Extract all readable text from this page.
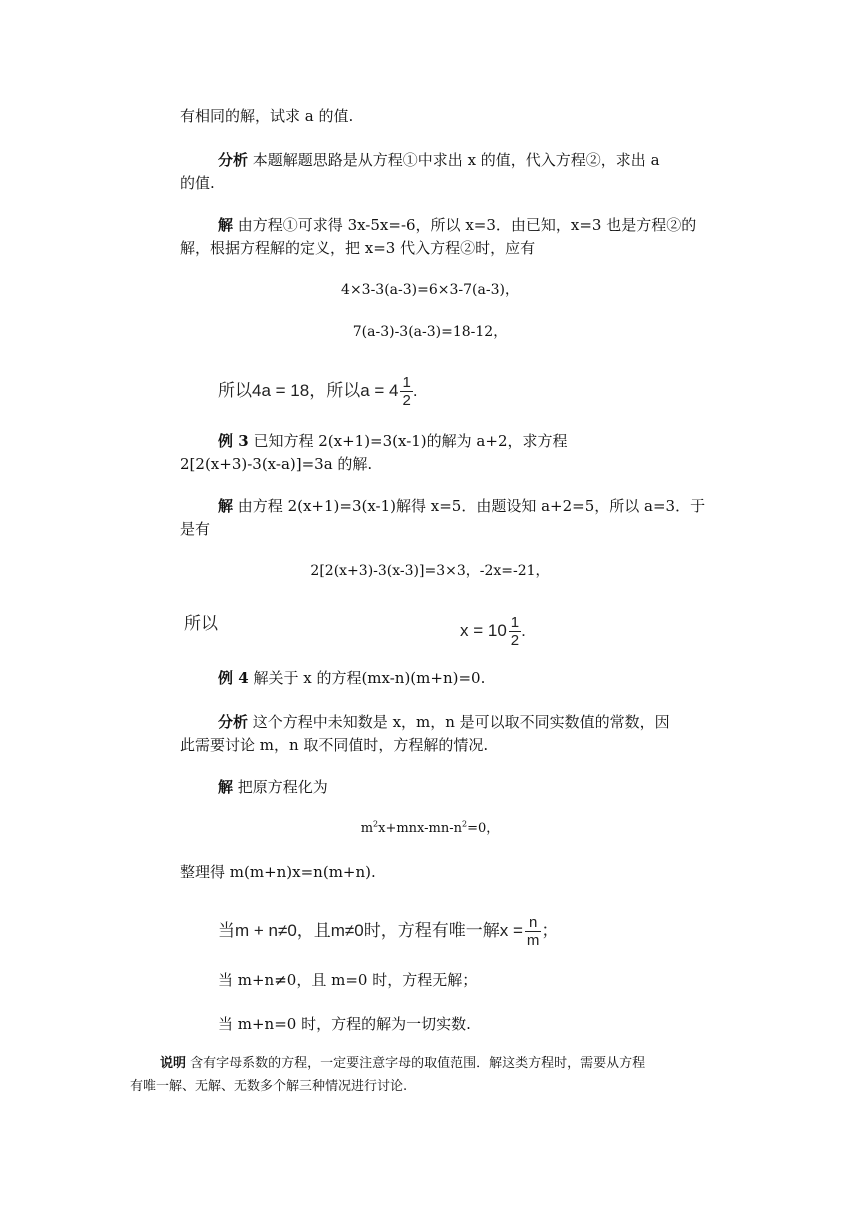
有相同的解，试求 a 的值.
分析 本题解题思路是从方程①中求出 x 的值，代入方程②，求出 a
的值.
解 由方程①可求得 3x-5x=-6，所以 x=3．由已知，x=3 也是方程②的
解，根据方程解的定义，把 x=3 代入方程②时，应有
4×3-3(a-3)=6×3-7(a-3)，
7(a-3)-3(a-3)=18-12，
所以4a = 18，所以$a = 4 \frac{1}{2}$ .
例 3 已知方程 2(x+1)=3(x-1)的解为 a+2，求方程
2[2(x+3)-3(x-a)]=3a 的解.
解 由方程 2(x+1)=3(x-1)解得 x=5．由题设知 a+2=5，所以 a=3．于
是有
2[2(x+3)-3(x-3)]=3×3，-2x=-21，
所以	$x = 10 \frac{1}{2}$ .
例 4 解关于 x 的方程(mx-n)(m+n)=0.
分析 这个方程中未知数是 x，m，n 是可以取不同实数值的常数，因
此需要讨论 m，n 取不同值时，方程解的情况.
解 把原方程化为
$m^2x+mnx-mn-n^2=0$，
整理得 m(m+n)x=n(m+n).
当m + n≠0，且m≠0时，方程有唯一解$x = \frac{n}{m}$ ；
当 m+n≠0，且 m=0 时，方程无解；
当 m+n=0 时，方程的解为一切实数.
说明 含有字母系数的方程，一定要注意字母的取值范围．解这类方程时，需要从方程
有唯一解、无解、无数多个解三种情况进行讨论.
